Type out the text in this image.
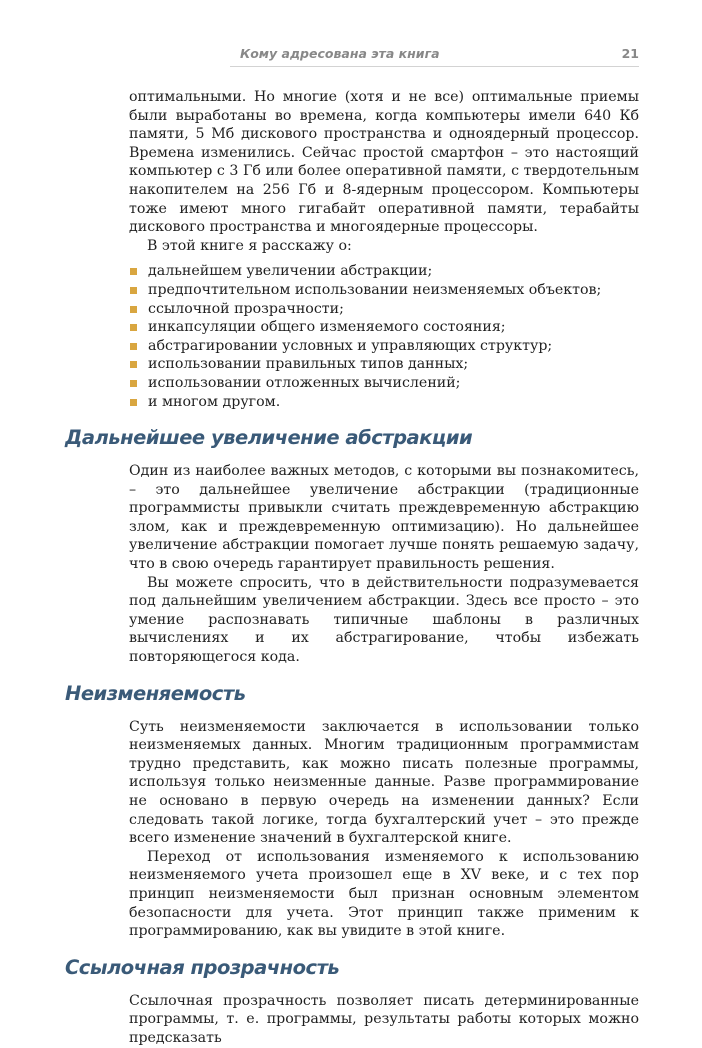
Кому адресована эта книга	21

оптимальными. Но многие (хотя и не все) оптимальные приемы были выработаны во времена, когда компьютеры имели 640 Кб памяти, 5 Мб дискового пространства и одноядерный процессор. Времена изменились. Сейчас простой смартфон – это настоящий компьютер с 3 Гб или более оперативной памяти, с твердотельным накопителем на 256 Гб и 8-ядерным процессором. Компьютеры тоже имеют много гигабайт оперативной памяти, терабайты дискового пространства и многоядерные процессоры.

В этой книге я расскажу о:

дальнейшем увеличении абстракции;
предпочтительном использовании неизменяемых объектов;
ссылочной прозрачности;
инкапсуляции общего изменяемого состояния;
абстрагировании условных и управляющих структур;
использовании правильных типов данных;
использовании отложенных вычислений;
и многом другом.
Дальнейшее увеличение абстракции

Один из наиболее важных методов, с которыми вы познакомитесь, – это дальнейшее увеличение абстракции (традиционные программисты привыкли считать преждевременную абстракцию злом, как и преждевременную оптимизацию). Но дальнейшее увеличение абстракции помогает лучше понять решаемую задачу, что в свою очередь гарантирует правильность решения.

Вы можете спросить, что в действительности подразумевается под дальнейшим увеличением абстракции. Здесь все просто – это умение распознавать типичные шаблоны в различных вычислениях и их абстрагирование, чтобы избежать повторяющегося кода.

Неизменяемость

Суть неизменяемости заключается в использовании только неизменяемых данных. Многим традиционным программистам трудно представить, как можно писать полезные программы, используя только неизменные данные. Разве программирование не основано в первую очередь на изменении данных? Если следовать такой логике, тогда бухгалтерский учет – это прежде всего изменение значений в бухгалтерской книге.

Переход от использования изменяемого к использованию неизменяемого учета произошел еще в XV веке, и с тех пор принцип неизменяемости был признан основным элементом безопасности для учета. Этот принцип также применим к программированию, как вы увидите в этой книге.

Ссылочная прозрачность

Ссылочная прозрачность позволяет писать детерминированные программы, т. е. программы, результаты работы которых можно предсказать
